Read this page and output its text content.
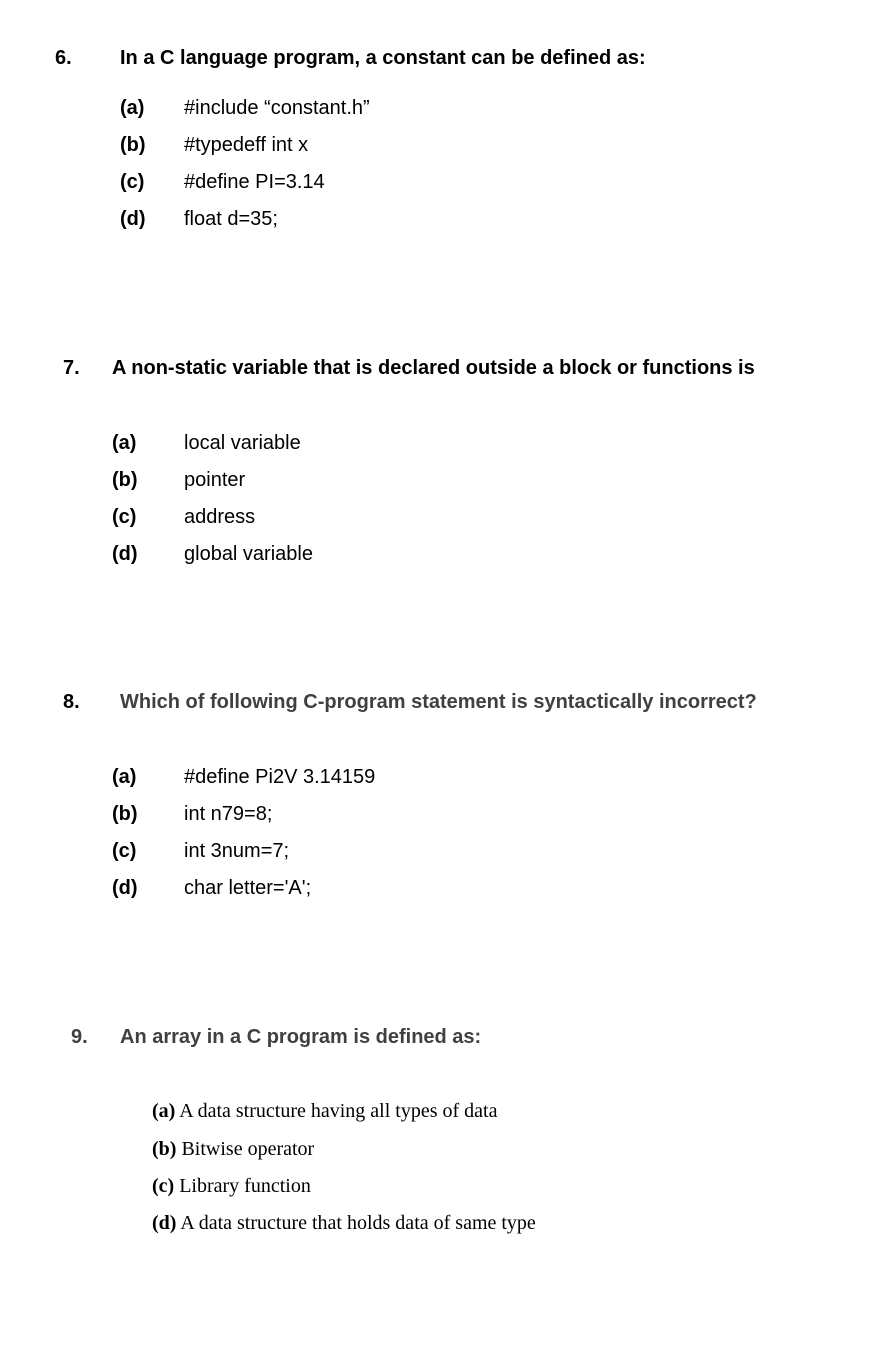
6. In a C language program, a constant can be defined as:
(a) #include “constant.h”
(b) #typedeff int x
(c) #define PI=3.14
(d) float d=35;
7. A non-static variable that is declared outside a block or functions is
(a) local variable
(b) pointer
(c) address
(d) global variable
8. Which of following C-program statement is syntactically incorrect?
(a) #define Pi2V 3.14159
(b) int n79=8;
(c) int 3num=7;
(d) char letter='A';
9. An array in a C program is defined as:
(a) A data structure having all types of data
(b) Bitwise operator
(c) Library function
(d) A data structure that holds data of same type
